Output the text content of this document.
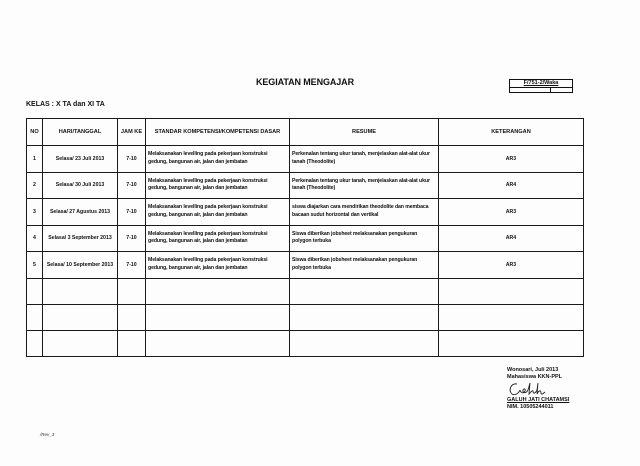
KEGIATAN MENGAJAR	F/751-2/Waka
KELAS : X TA dan XI TA
NO	HARI/TANGGAL	JAM KE	STANDAR KOMPETENSI/KOMPETENSI DASAR	RESUME	KETERANGAN
1	Selasa/ 23 Juli 2013	7-10	Melaksanakan levelling pada pekerjaan konstruksi gedung, bangunan air, jalan dan jembatan	Perkenalan tentang ukur tanah, menjelaskan alat-alat ukur tanah (Theodolite)	AR3
2	Selasa/ 30 Juli 2013	7-10	Melaksanakan levelling pada pekerjaan konstruksi gedung, bangunan air, jalan dan jembatan	Perkenalan tentang ukur tanah, menjelaskan alat-alat ukur tanah (Theodolite)	AR4
3	Selasa/ 27 Agustus 2013	7-10	Melaksanakan levelling pada pekerjaan konstruksi gedung, bangunan air, jalan dan jembatan	siswa diajarkan cara mendirikan theodolite dan membaca bacaan sudut horizontal dan vertikal	AR3
4	Selasa/ 3 September 2013	7-10	Melaksanakan levelling pada pekerjaan konstruksi gedung, bangunan air, jalan dan jembatan	Siswa diberikan jobsheet melaksanakan pengukuran polygon terbuka	AR4
5	Selasa/ 10 September 2013	7-10	Melaksanakan levelling pada pekerjaan konstruksi gedung, bangunan air, jalan dan jembatan	Siswa diberikan jobsheet melaksanakan pengukuran polygon terbuka	AR3

Wonosari, Juli 2013
Mahasiswa KKN-PPL
GALUH JATI CHATAMSI
NIM. 10505244011
/Rev_3
